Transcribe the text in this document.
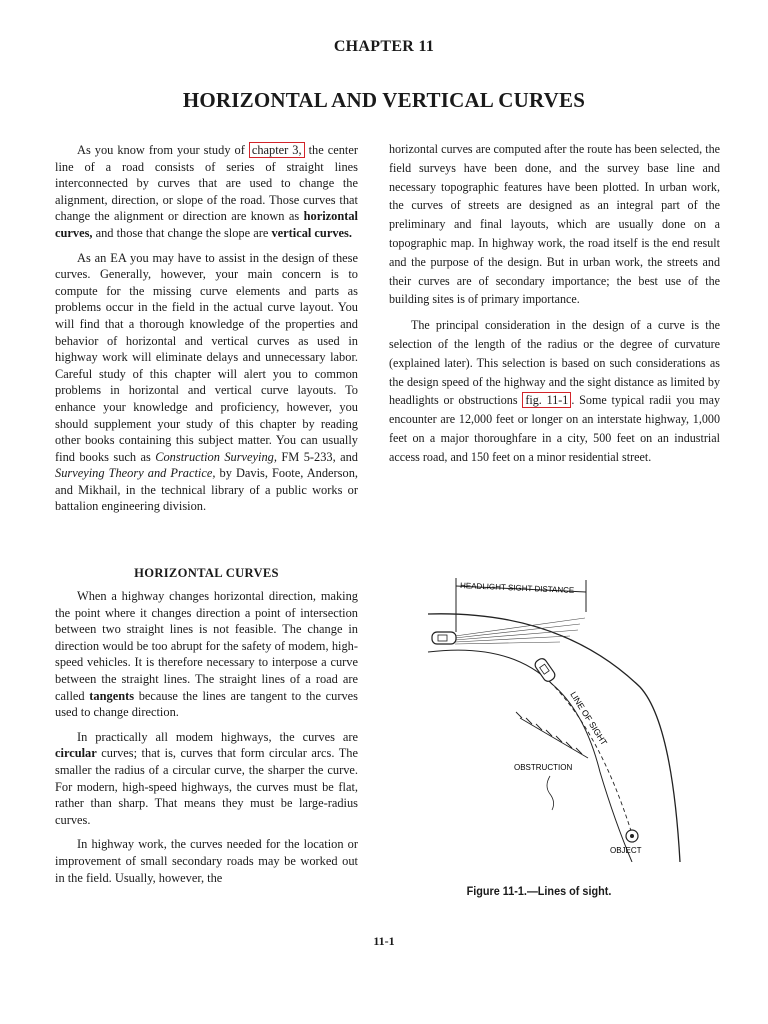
CHAPTER 11
HORIZONTAL AND VERTICAL CURVES

As you know from your study of chapter 3, the center line of a road consists of series of straight lines interconnected by curves that are used to change the alignment, direction, or slope of the road. Those curves that change the alignment or direction are known as horizontal curves, and those that change the slope are vertical curves.

As an EA you may have to assist in the design of these curves. Generally, however, your main concern is to compute for the missing curve elements and parts as problems occur in the field in the actual curve layout. You will find that a thorough knowledge of the properties and behavior of horizontal and vertical curves as used in highway work will eliminate delays and unnecessary labor. Careful study of this chapter will alert you to common problems in horizontal and vertical curve layouts. To enhance your knowledge and proficiency, however, you should supplement your study of this chapter by reading other books containing this subject matter. You can usually find books such as Construction Surveying, FM 5-233, and Surveying Theory and Practice, by Davis, Foote, Anderson, and Mikhail, in the technical library of a public works or battalion engineering division.

HORIZONTAL CURVES

When a highway changes horizontal direction, making the point where it changes direction a point of intersection between two straight lines is not feasible. The change in direction would be too abrupt for the safety of modem, high-speed vehicles. It is therefore necessary to interpose a curve between the straight lines. The straight lines of a road are called tangents because the lines are tangent to the curves used to change direction.

In practically all modem highways, the curves are circular curves; that is, curves that form circular arcs. The smaller the radius of a circular curve, the sharper the curve. For modern, high-speed highways, the curves must be flat, rather than sharp. That means they must be large-radius curves.

In highway work, the curves needed for the location or improvement of small secondary roads may be worked out in the field. Usually, however, the

horizontal curves are computed after the route has been selected, the field surveys have been done, and the survey base line and necessary topographic features have been plotted. In urban work, the curves of streets are designed as an integral part of the preliminary and final layouts, which are usually done on a topographic map. In highway work, the road itself is the end result and the purpose of the design. But in urban work, the streets and their curves are of secondary importance; the best use of the building sites is of primary importance.

The principal consideration in the design of a curve is the selection of the length of the radius or the degree of curvature (explained later). This selection is based on such considerations as the design speed of the highway and the sight distance as limited by headlights or obstructions fig. 11-1 . Some typical radii you may encounter are 12,000 feet or longer on an interstate highway, 1,000 feet on a major thoroughfare in a city, 500 feet on an industrial access road, and 150 feet on a minor residential street.

HEADLIGHT SIGHT DISTANCE
LINE OF SIGHT
OBSTRUCTION
OBJECT
Figure 11-1.—Lines of sight.
11-1
